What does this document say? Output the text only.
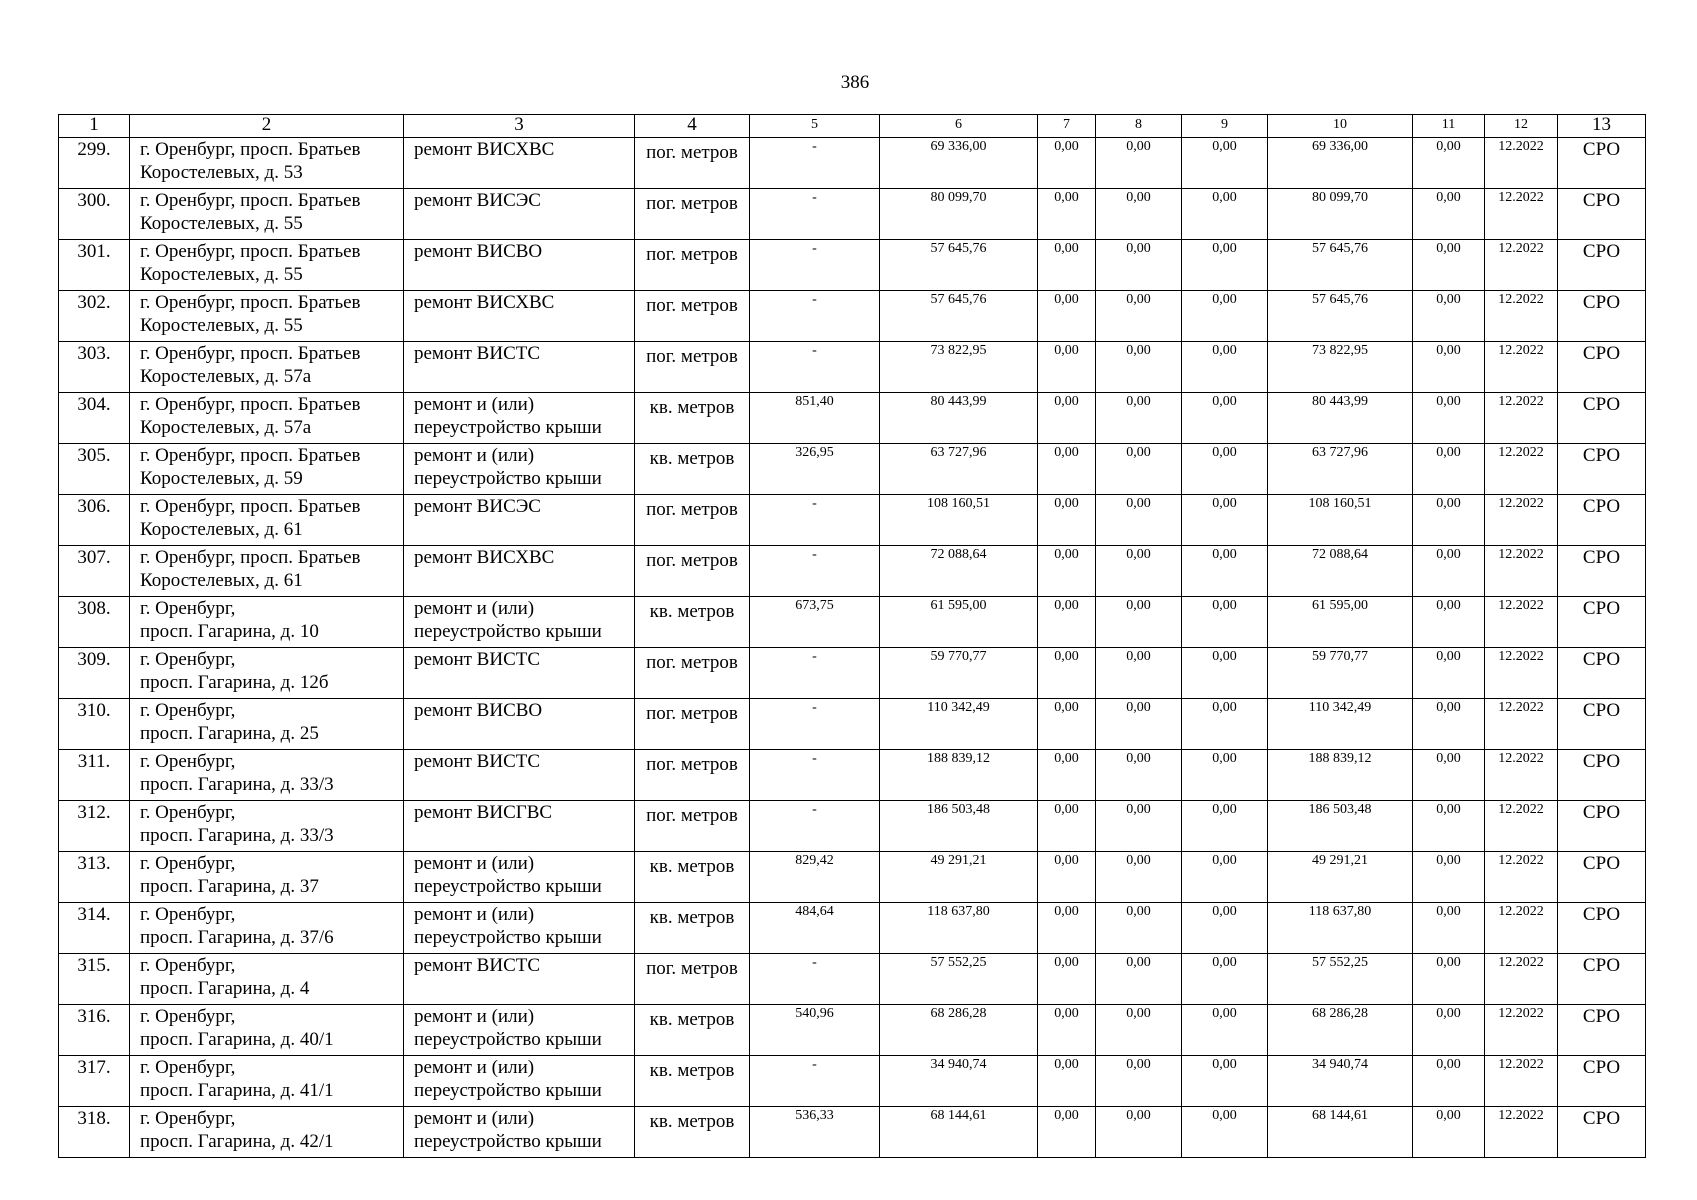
386
1	2	3	4	5	6	7	8	9	10	11	12	13
299.	г. Оренбург, просп. Братьев
Коростелевых, д. 53	ремонт ВИСХВС	пог. метров	-	69 336,00	0,00	0,00	0,00	69 336,00	0,00	12.2022	СРО
300.	г. Оренбург, просп. Братьев
Коростелевых, д. 55	ремонт ВИСЭС	пог. метров	-	80 099,70	0,00	0,00	0,00	80 099,70	0,00	12.2022	СРО
301.	г. Оренбург, просп. Братьев
Коростелевых, д. 55	ремонт ВИСВО	пог. метров	-	57 645,76	0,00	0,00	0,00	57 645,76	0,00	12.2022	СРО
302.	г. Оренбург, просп. Братьев
Коростелевых, д. 55	ремонт ВИСХВС	пог. метров	-	57 645,76	0,00	0,00	0,00	57 645,76	0,00	12.2022	СРО
303.	г. Оренбург, просп. Братьев
Коростелевых, д. 57а	ремонт ВИСТС	пог. метров	-	73 822,95	0,00	0,00	0,00	73 822,95	0,00	12.2022	СРО
304.	г. Оренбург, просп. Братьев
Коростелевых, д. 57а	ремонт и (или) переустройство крыши	кв. метров	851,40	80 443,99	0,00	0,00	0,00	80 443,99	0,00	12.2022	СРО
305.	г. Оренбург, просп. Братьев
Коростелевых, д. 59	ремонт и (или) переустройство крыши	кв. метров	326,95	63 727,96	0,00	0,00	0,00	63 727,96	0,00	12.2022	СРО
306.	г. Оренбург, просп. Братьев
Коростелевых, д. 61	ремонт ВИСЭС	пог. метров	-	108 160,51	0,00	0,00	0,00	108 160,51	0,00	12.2022	СРО
307.	г. Оренбург, просп. Братьев
Коростелевых, д. 61	ремонт ВИСХВС	пог. метров	-	72 088,64	0,00	0,00	0,00	72 088,64	0,00	12.2022	СРО
308.	г. Оренбург,
просп. Гагарина, д. 10	ремонт и (или) переустройство крыши	кв. метров	673,75	61 595,00	0,00	0,00	0,00	61 595,00	0,00	12.2022	СРО
309.	г. Оренбург,
просп. Гагарина, д. 12б	ремонт ВИСТС	пог. метров	-	59 770,77	0,00	0,00	0,00	59 770,77	0,00	12.2022	СРО
310.	г. Оренбург,
просп. Гагарина, д. 25	ремонт ВИСВО	пог. метров	-	110 342,49	0,00	0,00	0,00	110 342,49	0,00	12.2022	СРО
311.	г. Оренбург,
просп. Гагарина, д. 33/3	ремонт ВИСТС	пог. метров	-	188 839,12	0,00	0,00	0,00	188 839,12	0,00	12.2022	СРО
312.	г. Оренбург,
просп. Гагарина, д. 33/3	ремонт ВИСГВС	пог. метров	-	186 503,48	0,00	0,00	0,00	186 503,48	0,00	12.2022	СРО
313.	г. Оренбург,
просп. Гагарина, д. 37	ремонт и (или) переустройство крыши	кв. метров	829,42	49 291,21	0,00	0,00	0,00	49 291,21	0,00	12.2022	СРО
314.	г. Оренбург,
просп. Гагарина, д. 37/6	ремонт и (или) переустройство крыши	кв. метров	484,64	118 637,80	0,00	0,00	0,00	118 637,80	0,00	12.2022	СРО
315.	г. Оренбург,
просп. Гагарина, д. 4	ремонт ВИСТС	пог. метров	-	57 552,25	0,00	0,00	0,00	57 552,25	0,00	12.2022	СРО
316.	г. Оренбург,
просп. Гагарина, д. 40/1	ремонт и (или) переустройство крыши	кв. метров	540,96	68 286,28	0,00	0,00	0,00	68 286,28	0,00	12.2022	СРО
317.	г. Оренбург,
просп. Гагарина, д. 41/1	ремонт и (или) переустройство крыши	кв. метров	-	34 940,74	0,00	0,00	0,00	34 940,74	0,00	12.2022	СРО
318.	г. Оренбург,
просп. Гагарина, д. 42/1	ремонт и (или) переустройство крыши	кв. метров	536,33	68 144,61	0,00	0,00	0,00	68 144,61	0,00	12.2022	СРО
